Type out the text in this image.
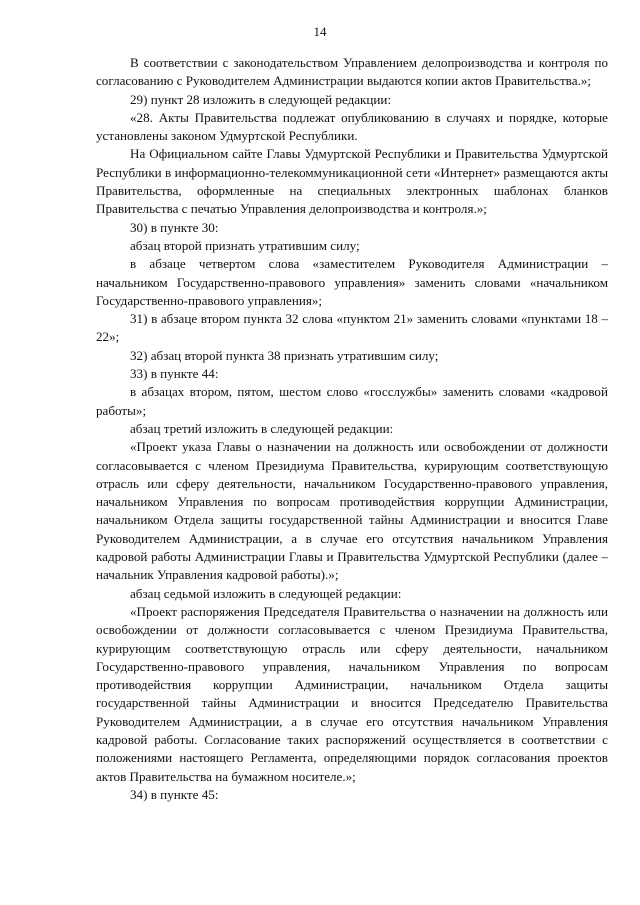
14

В соответствии с законодательством Управлением делопроизводства и контроля по согласованию с Руководителем Администрации выдаются копии актов Правительства.»;

29) пункт 28 изложить в следующей редакции:

«28. Акты Правительства подлежат опубликованию в случаях и порядке, которые установлены законом Удмуртской Республики.

На Официальном сайте Главы Удмуртской Республики и Правительства Удмуртской Республики в информационно-телекоммуникационной сети «Интернет» размещаются акты Правительства, оформленные на специальных электронных шаблонах бланков Правительства с печатью Управления делопроизводства и контроля.»;

30) в пункте 30:

абзац второй признать утратившим силу;

в абзаце четвертом слова «заместителем Руководителя Администрации – начальником Государственно-правового управления» заменить словами «начальником Государственно-правового управления»;

31) в абзаце втором пункта 32 слова «пунктом 21» заменить словами «пунктами 18 – 22»;

32) абзац второй пункта 38 признать утратившим силу;

33) в пункте 44:

в абзацах втором, пятом, шестом слово «госслужбы» заменить словами «кадровой работы»;

абзац третий изложить в следующей редакции:

«Проект указа Главы о назначении на должность или освобождении от должности согласовывается с членом Президиума Правительства, курирующим соответствующую отрасль или сферу деятельности, начальником Государственно-правового управления, начальником Управления по вопросам противодействия коррупции Администрации, начальником Отдела защиты государственной тайны Администрации и вносится Главе Руководителем Администрации, а в случае его отсутствия начальником Управления кадровой работы Администрации Главы и Правительства Удмуртской Республики (далее – начальник Управления кадровой работы).»;

абзац седьмой изложить в следующей редакции:

«Проект распоряжения Председателя Правительства о назначении на должность или освобождении от должности согласовывается с членом Президиума Правительства, курирующим соответствующую отрасль или сферу деятельности, начальником Государственно-правового управления, начальником Управления по вопросам противодействия коррупции Администрации, начальником Отдела защиты государственной тайны Администрации и вносится Председателю Правительства Руководителем Администрации, а в случае его отсутствия начальником Управления кадровой работы. Согласование таких распоряжений осуществляется в соответствии с положениями настоящего Регламента, определяющими порядок согласования проектов актов Правительства на бумажном носителе.»;

34) в пункте 45:
